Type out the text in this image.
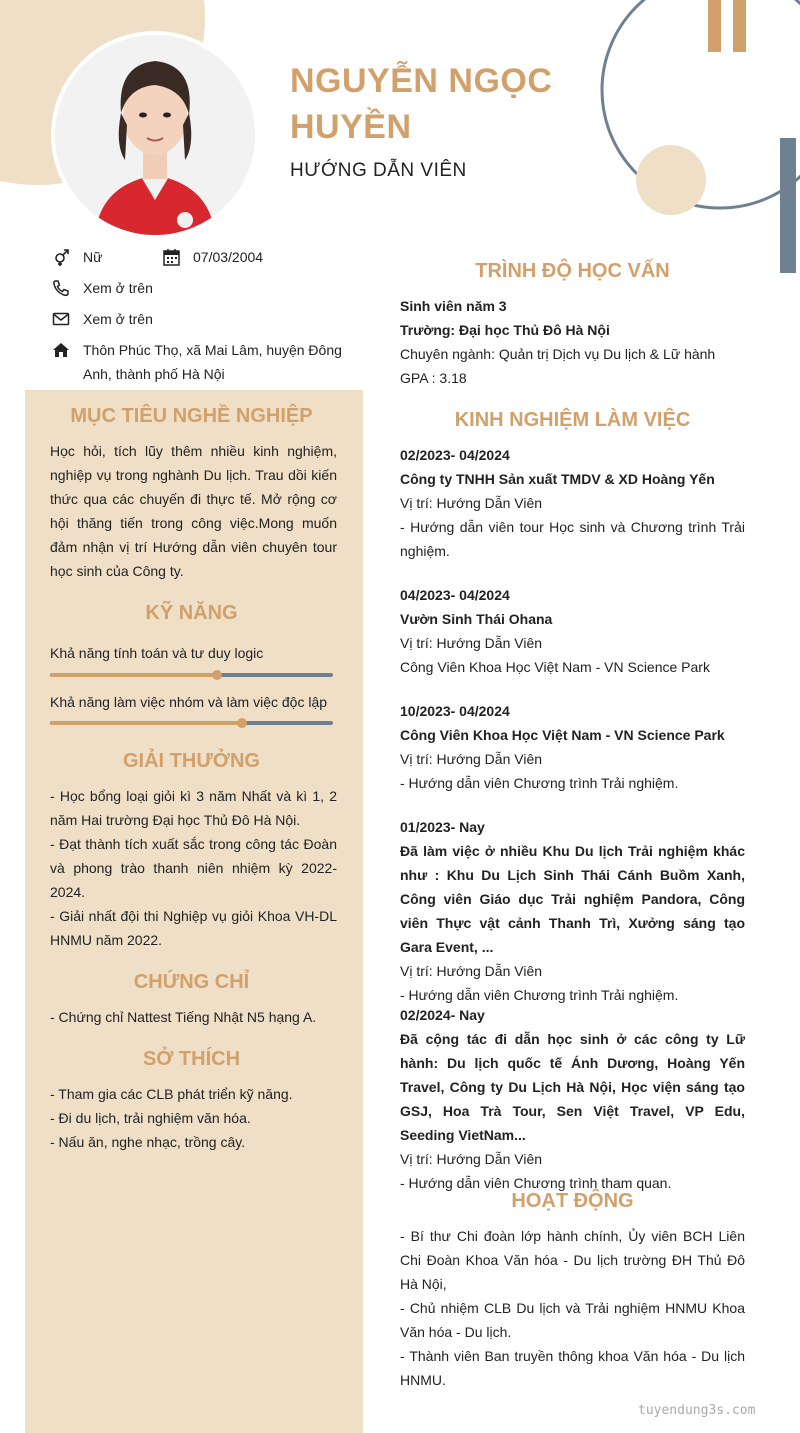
NGUYỄN NGỌC HUYỀN
HƯỚNG DẪN VIÊN
Nữ	07/03/2004
Xem ở trên
Xem ở trên
Thôn Phúc Thọ, xã Mai Lâm, huyện Đông Anh, thành phố Hà Nội
MỤC TIÊU NGHỀ NGHIỆP
Học hỏi, tích lũy thêm nhiều kinh nghiệm, nghiệp vụ trong nghành Du lịch. Trau dồi kiến thức qua các chuyến đi thực tế. Mở rộng cơ hội thăng tiến trong công việc.Mong muốn đảm nhận vị trí Hướng dẫn viên chuyên tour học sinh của Công ty.
KỸ NĂNG
Khả năng tính toán và tư duy logic
Khả năng làm việc nhóm và làm việc độc lập
GIẢI THƯỞNG
- Học bổng loại giỏi kì 3 năm Nhất và kì 1, 2 năm Hai trường Đại học Thủ Đô Hà Nội.
- Đạt thành tích xuất sắc trong công tác Đoàn và phong trào thanh niên nhiệm kỳ 2022-2024.
- Giải nhất đội thi Nghiệp vụ giỏi Khoa VH-DL HNMU năm 2022.
CHỨNG CHỈ
- Chứng chỉ Nattest Tiếng Nhật N5 hạng A.
SỞ THÍCH
- Tham gia các CLB phát triển kỹ năng.
- Đi du lịch, trải nghiệm văn hóa.
- Nấu ăn, nghe nhạc, trồng cây.
TRÌNH ĐỘ HỌC VẤN
Sinh viên năm 3
Trường: Đại học Thủ Đô Hà Nội
Chuyên ngành: Quản trị Dịch vụ Du lịch & Lữ hành
GPA : 3.18
KINH NGHIỆM LÀM VIỆC
02/2023- 04/2024
Công ty TNHH Sản xuất TMDV & XD Hoàng Yến
Vị trí: Hướng Dẫn Viên
- Hướng dẫn viên tour Học sinh và Chương trình Trải nghiệm.
04/2023- 04/2024
Vườn Sinh Thái Ohana
Vị trí: Hướng Dẫn Viên
Công Viên Khoa Học Việt Nam - VN Science Park
10/2023- 04/2024
Công Viên Khoa Học Việt Nam - VN Science Park
Vị trí: Hướng Dẫn Viên
- Hướng dẫn viên Chương trình Trải nghiệm.
01/2023- Nay
Đã làm việc ở nhiều Khu Du lịch Trải nghiệm khác như : Khu Du Lịch Sinh Thái Cánh Buồm Xanh, Công viên Giáo dục Trải nghiệm Pandora, Công viên Thực vật cảnh Thanh Trì, Xưởng sáng tạo Gara Event, ...
Vị trí: Hướng Dẫn Viên
- Hướng dẫn viên Chương trình Trải nghiệm.
02/2024- Nay
Đã cộng tác đi dẫn học sinh ở các công ty Lữ hành: Du lịch quốc tế Ánh Dương, Hoàng Yến Travel, Công ty Du Lịch Hà Nội, Học viện sáng tạo GSJ, Hoa Trà Tour, Sen Việt Travel, VP Edu, Seeding VietNam...
Vị trí: Hướng Dẫn Viên
- Hướng dẫn viên Chương trình tham quan.
HOẠT ĐỘNG
- Bí thư Chi đoàn lớp hành chính, Ủy viên BCH Liên Chi Đoàn Khoa Văn hóa - Du lịch trường ĐH Thủ Đô Hà Nội,
- Chủ nhiệm CLB Du lịch và Trải nghiệm HNMU Khoa Văn hóa - Du lịch.
- Thành viên Ban truyền thông khoa Văn hóa - Du lịch HNMU.
tuyendung3s.com
